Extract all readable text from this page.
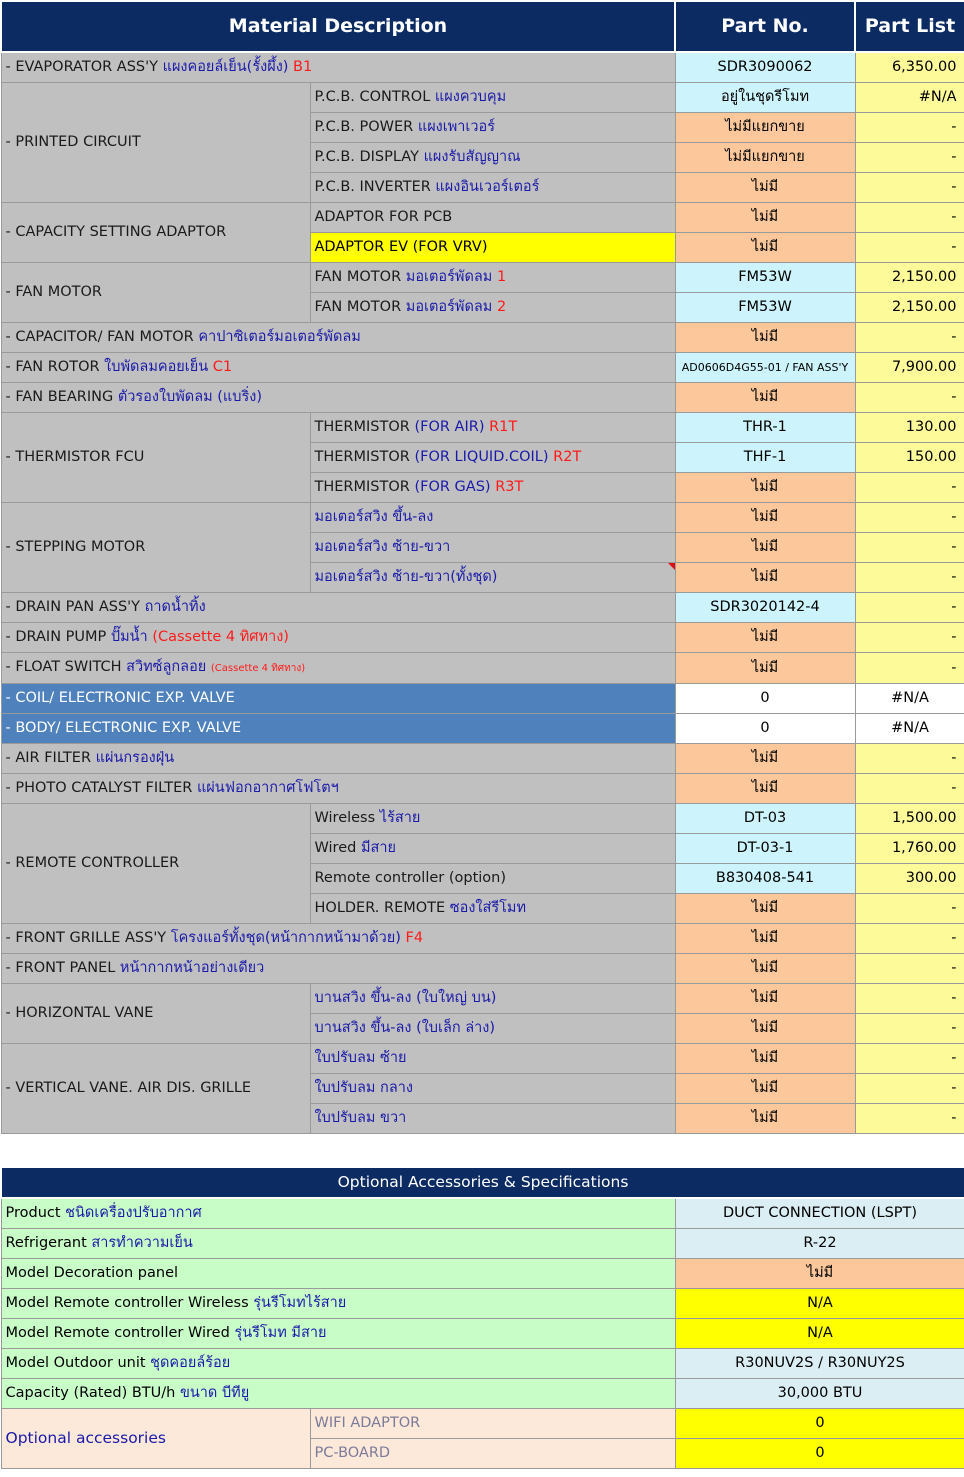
Material Description		Part No.	Part List
- EVAPORATOR ASS'Y แผงคอยล์เย็น(รั้งผึ้ง) B1		SDR3090062	6,350.00
- PRINTED CIRCUIT	P.C.B. CONTROL แผงควบคุม	อยู่ในชุดรีโมท	#N/A
	P.C.B. POWER แผงเพาเวอร์	ไม่มีแยกขาย	-
	P.C.B. DISPLAY แผงรับสัญญาณ	ไม่มีแยกขาย	-
	P.C.B. INVERTER แผงอินเวอร์เตอร์	ไม่มี	-
- CAPACITY SETTING ADAPTOR	ADAPTOR FOR PCB	ไม่มี	-
	ADAPTOR EV (FOR VRV)	ไม่มี	-
- FAN MOTOR	FAN MOTOR มอเตอร์พัดลม 1	FM53W	2,150.00
	FAN MOTOR มอเตอร์พัดลม 2	FM53W	2,150.00
- CAPACITOR/ FAN MOTOR คาปาซิเตอร์มอเตอร์พัดลม		ไม่มี	-
- FAN ROTOR ใบพัดลมคอยเย็น C1		AD0606D4G55-01 / FAN ASS'Y	7,900.00
- FAN BEARING ตัวรองใบพัดลม (แบริ่ง)		ไม่มี	-
- THERMISTOR FCU	THERMISTOR (FOR AIR) R1T	THR-1	130.00
	THERMISTOR (FOR LIQUID.COIL) R2T	THF-1	150.00
	THERMISTOR (FOR GAS) R3T	ไม่มี	-
- STEPPING MOTOR	มอเตอร์สวิง ขึ้น-ลง	ไม่มี	-
	มอเตอร์สวิง ซ้าย-ขวา	ไม่มี	-
	มอเตอร์สวิง ซ้าย-ขวา(ทั้งชุด)	ไม่มี	-
- DRAIN PAN ASS'Y ถาดน้ำทิ้ง		SDR3020142-4	-
- DRAIN PUMP ปั๊มน้ำ (Cassette 4 ทิศทาง)		ไม่มี	-
- FLOAT SWITCH สวิทซ์ลูกลอย (Cassette 4 ทิศทาง)		ไม่มี	-
- COIL/ ELECTRONIC EXP. VALVE		0	#N/A
- BODY/ ELECTRONIC EXP. VALVE		0	#N/A
- AIR FILTER แผ่นกรองฝุ่น		ไม่มี	-
- PHOTO CATALYST FILTER แผ่นฟอกอากาศโฟโตฯ		ไม่มี	-
- REMOTE CONTROLLER	Wireless ไร้สาย	DT-03	1,500.00
	Wired มีสาย	DT-03-1	1,760.00
	Remote controller (option)	B830408-541	300.00
	HOLDER. REMOTE ซองใส่รีโมท	ไม่มี	-
- FRONT GRILLE ASS'Y โครงแอร์ทั้งชุด(หน้ากากหน้ามาด้วย) F4		ไม่มี	-
- FRONT PANEL หน้ากากหน้าอย่างเดียว		ไม่มี	-
- HORIZONTAL VANE	บานสวิง ขึ้น-ลง (ใบใหญ่ บน)	ไม่มี	-
	บานสวิง ขึ้น-ลง (ใบเล็ก ล่าง)	ไม่มี	-
- VERTICAL VANE. AIR DIS. GRILLE	ใบปรับลม ซ้าย	ไม่มี	-
	ใบปรับลม กลาง	ไม่มี	-
	ใบปรับลม ขวา	ไม่มี	-
Optional Accessories & Specifications		
Product ชนิดเครื่องปรับอากาศ		DUCT CONNECTION (LSPT)
Refrigerant สารทำความเย็น		R-22
Model Decoration panel		ไม่มี
Model Remote controller Wireless รุ่นรีโมทไร้สาย		N/A
Model Remote controller Wired รุ่นรีโมท มีสาย		N/A
Model Outdoor unit ชุดคอยล์ร้อย		R30NUV2S / R30NUY2S
Capacity (Rated) BTU/h ขนาด บีทียู		30,000 BTU
Optional accessories	WIFI ADAPTOR	0
	PC-BOARD	0
